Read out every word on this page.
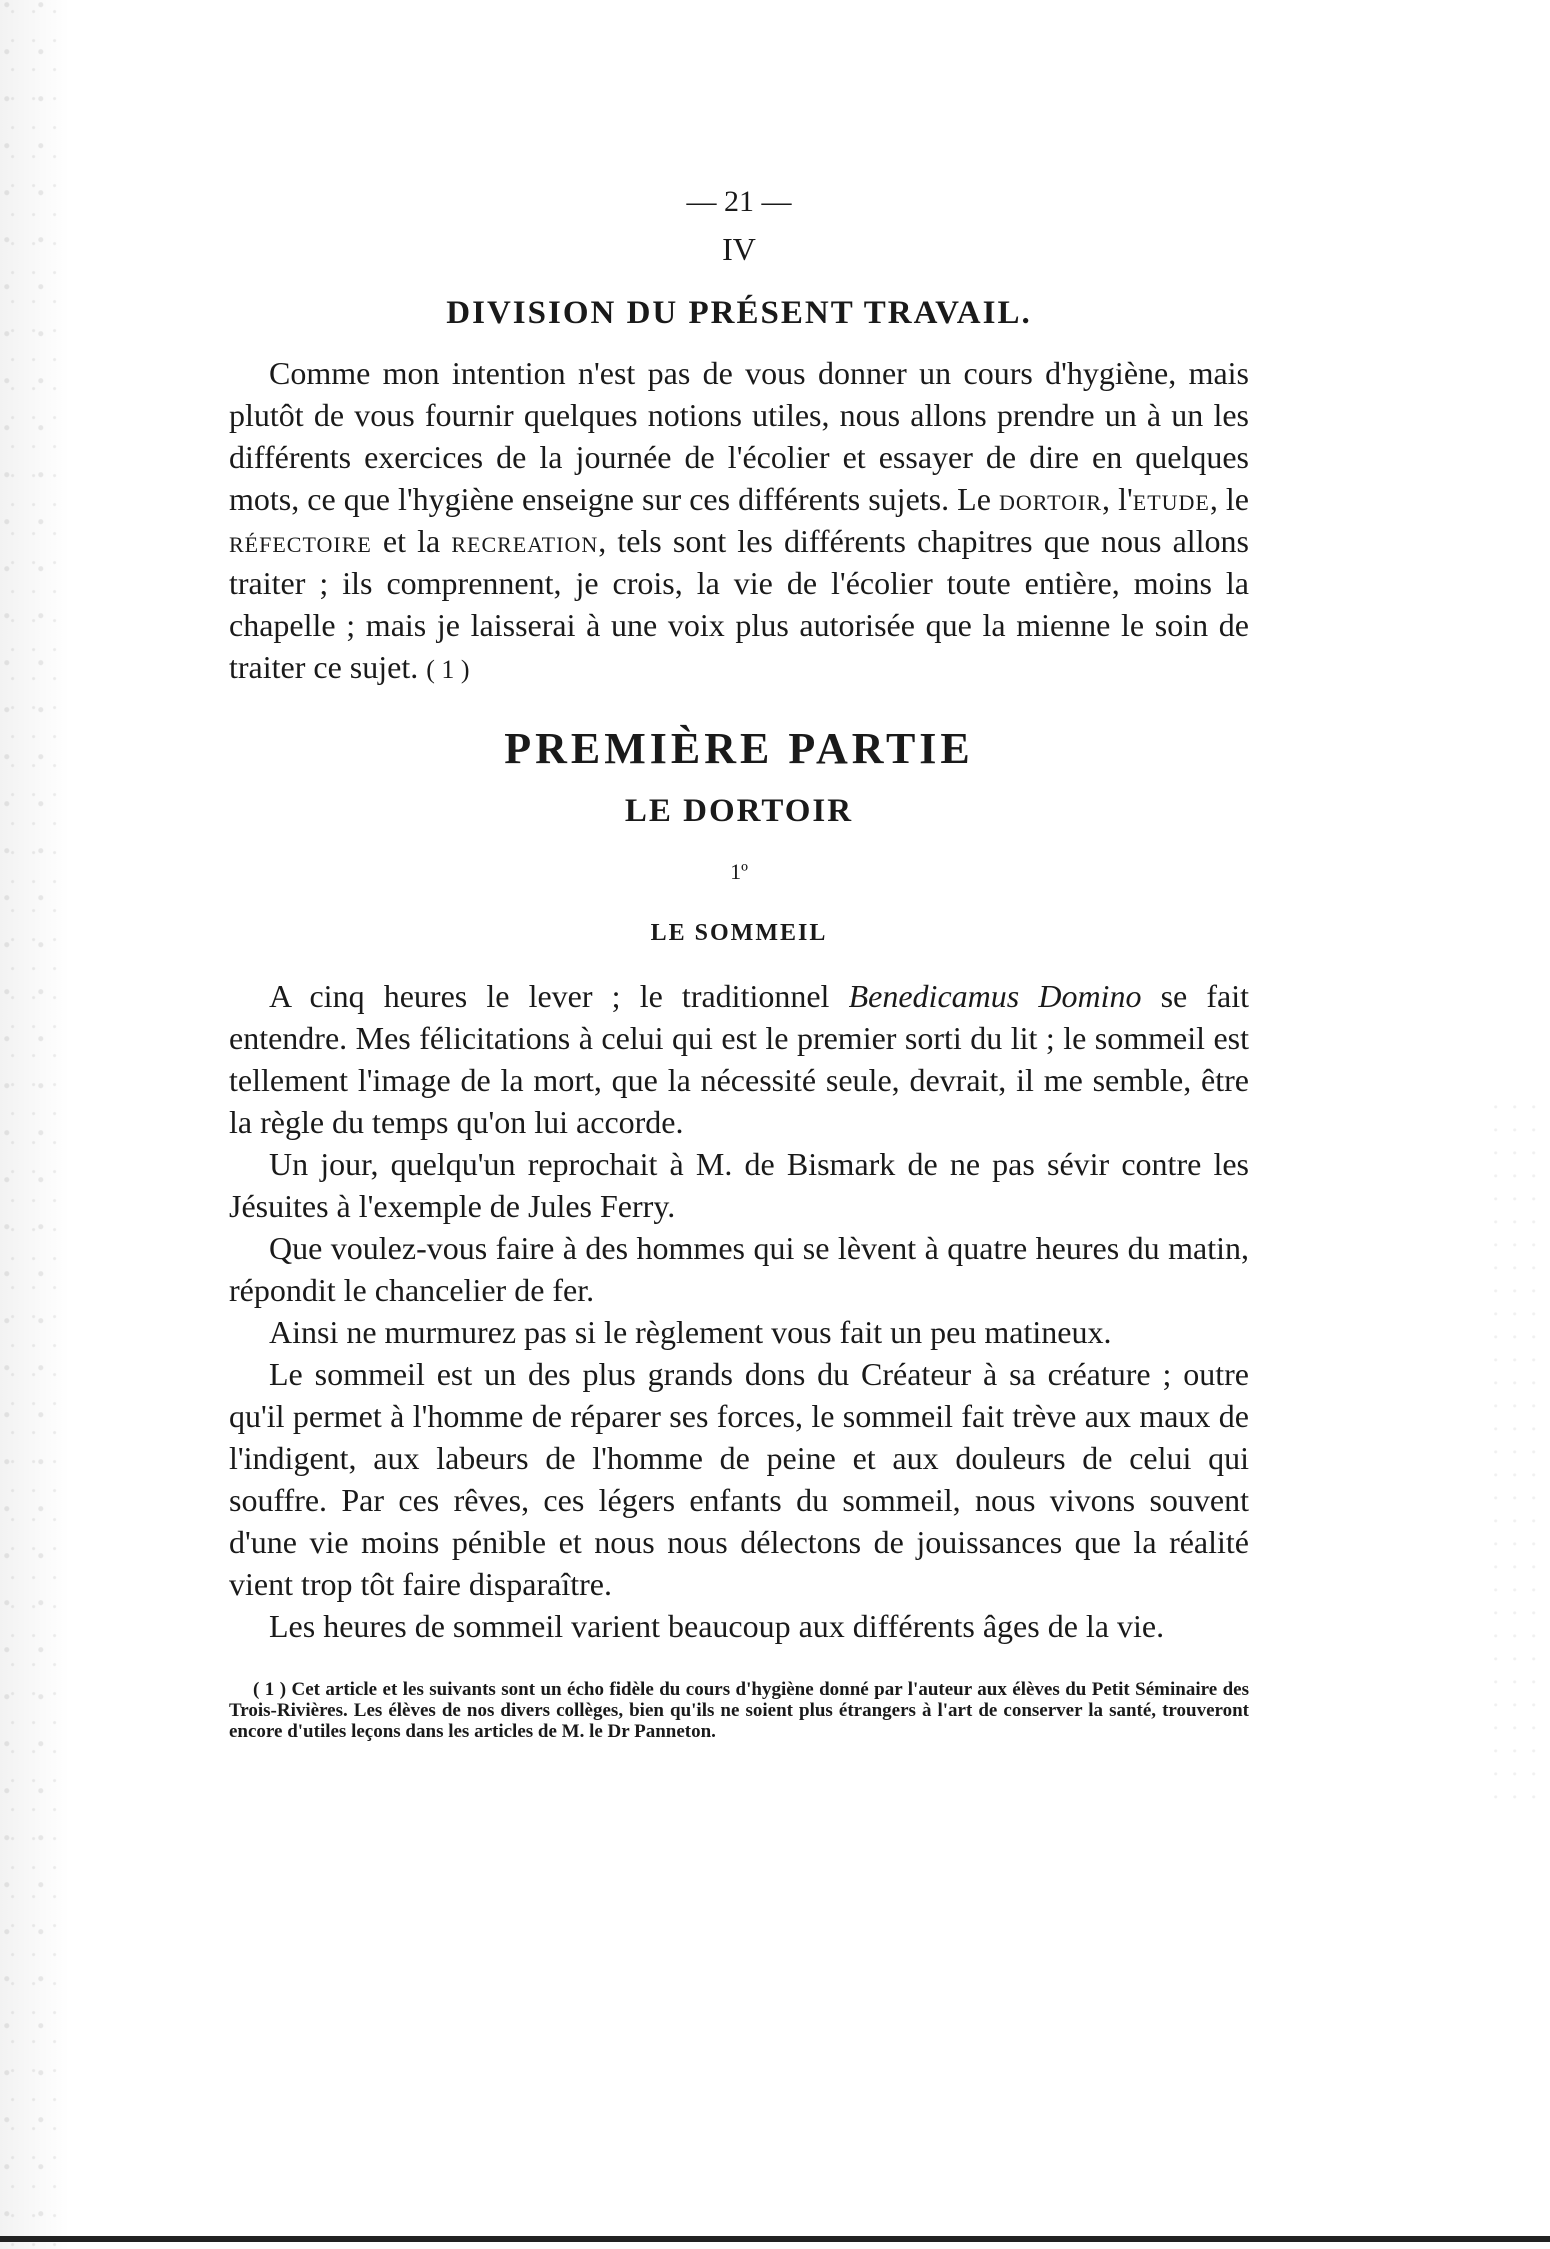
— 21 —

IV

DIVISION DU PRÉSENT TRAVAIL.

Comme mon intention n'est pas de vous donner un cours d'hygiène, mais plutôt de vous fournir quelques notions utiles, nous allons prendre un à un les différents exercices de la journée de l'écolier et essayer de dire en quelques mots, ce que l'hygiène enseigne sur ces différents sujets. Le dortoir, l'etude, le réfectoire et la recreation, tels sont les différents chapitres que nous allons traiter ; ils comprennent, je crois, la vie de l'écolier toute entière, moins la chapelle ; mais je laisserai à une voix plus autorisée que la mienne le soin de traiter ce sujet. ( 1 )

PREMIÈRE PARTIE
LE DORTOIR

1º

LE SOMMEIL

A cinq heures le lever ; le traditionnel Benedicamus Domino se fait entendre. Mes félicitations à celui qui est le premier sorti du lit ; le sommeil est tellement l'image de la mort, que la nécessité seule, devrait, il me semble, être la règle du temps qu'on lui accorde.

Un jour, quelqu'un reprochait à M. de Bismark de ne pas sévir contre les Jésuites à l'exemple de Jules Ferry.

Que voulez-vous faire à des hommes qui se lèvent à quatre heures du matin, répondit le chancelier de fer.

Ainsi ne murmurez pas si le règlement vous fait un peu matineux.

Le sommeil est un des plus grands dons du Créateur à sa créature ; outre qu'il permet à l'homme de réparer ses forces, le sommeil fait trève aux maux de l'indigent, aux labeurs de l'homme de peine et aux douleurs de celui qui souffre. Par ces rêves, ces légers enfants du sommeil, nous vivons souvent d'une vie moins pénible et nous nous délectons de jouissances que la réalité vient trop tôt faire disparaître.

Les heures de sommeil varient beaucoup aux différents âges de la vie.

( 1 ) Cet article et les suivants sont un écho fidèle du cours d'hygiène donné par l'auteur aux élèves du Petit Séminaire des Trois-Rivières. Les élèves de nos divers collèges, bien qu'ils ne soient plus étrangers à l'art de conserver la santé, trouveront encore d'utiles leçons dans les articles de M. le Dr Panneton.
